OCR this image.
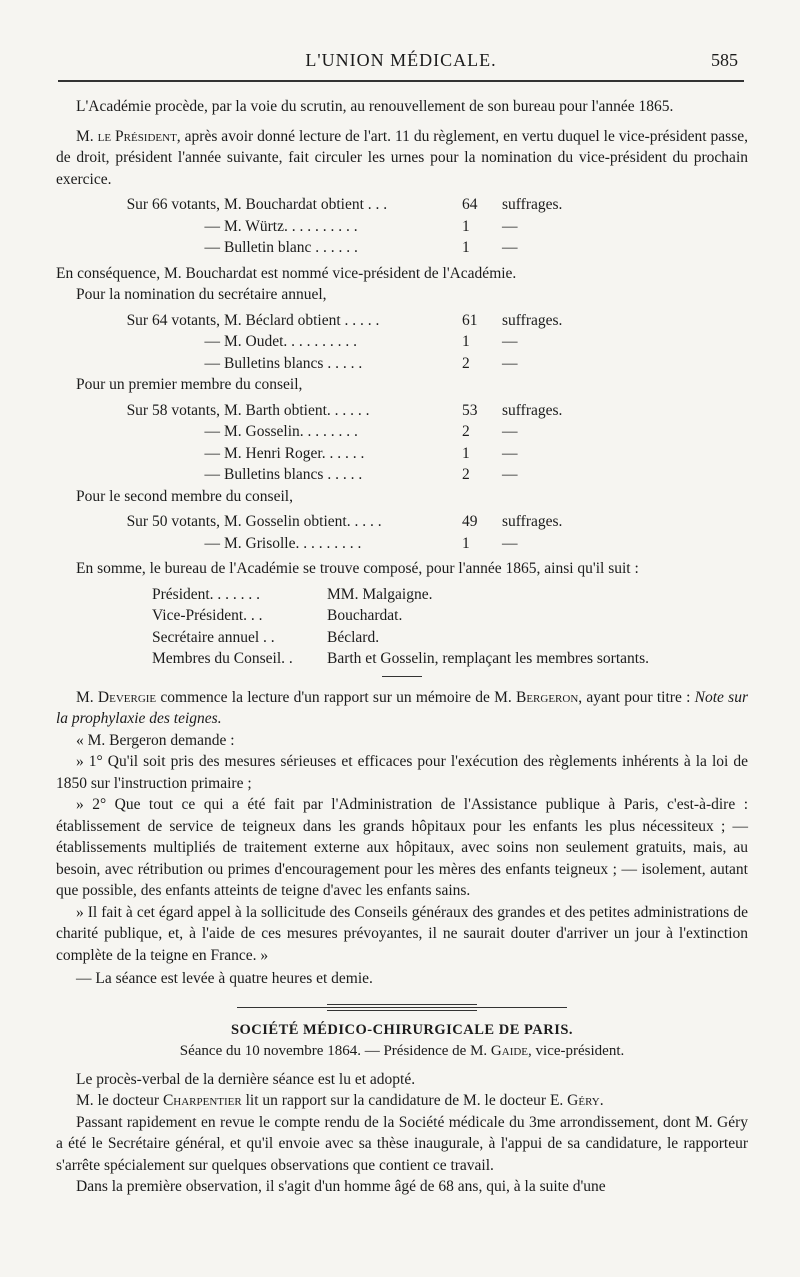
L'UNION MÉDICALE.	585

L'Académie procède, par la voie du scrutin, au renouvellement de son bureau pour l'année 1865.

M. le Président, après avoir donné lecture de l'art. 11 du règlement, en vertu duquel le vice-président passe, de droit, président l'année suivante, fait circuler les urnes pour la nomination du vice-président du prochain exercice.

Sur 66 votants, M. Bouchardat obtient . . .	64	suffrages.
— M. Würtz. . . . . . . . . .	1	—
— Bulletin blanc . . . . . .	1	—

En conséquence, M. Bouchardat est nommé vice-président de l'Académie.

Pour la nomination du secrétaire annuel,

Sur 64 votants, M. Béclard obtient . . . . .	61	suffrages.
— M. Oudet. . . . . . . . . .	1	—
— Bulletins blancs . . . . .	2	—

Pour un premier membre du conseil,

Sur 58 votants, M. Barth obtient. . . . . .	53	suffrages.
— M. Gosselin. . . . . . . .	2	—
— M. Henri Roger. . . . . .	1	—
— Bulletins blancs . . . . .	2	—

Pour le second membre du conseil,

Sur 50 votants, M. Gosselin obtient. . . . .	49	suffrages.
— M. Grisolle. . . . . . . . .	1	—

En somme, le bureau de l'Académie se trouve composé, pour l'année 1865, ainsi qu'il suit :

Président. . . . . . .	MM. Malgaigne.
Vice-Président. . .	Bouchardat.
Secrétaire annuel . .	Béclard.
Membres du Conseil. .	Barth et Gosselin, remplaçant les membres sortants.

M. Devergie commence la lecture d'un rapport sur un mémoire de M. Bergeron, ayant pour titre : Note sur la prophylaxie des teignes.

« M. Bergeron demande :

» 1° Qu'il soit pris des mesures sérieuses et efficaces pour l'exécution des règlements inhérents à la loi de 1850 sur l'instruction primaire ;

» 2° Que tout ce qui a été fait par l'Administration de l'Assistance publique à Paris, c'est-à-dire : établissement de service de teigneux dans les grands hôpitaux pour les enfants les plus nécessiteux ; — établissements multipliés de traitement externe aux hôpitaux, avec soins non seulement gratuits, mais, au besoin, avec rétribution ou primes d'encouragement pour les mères des enfants teigneux ; — isolement, autant que possible, des enfants atteints de teigne d'avec les enfants sains.

» Il fait à cet égard appel à la sollicitude des Conseils généraux des grandes et des petites administrations de charité publique, et, à l'aide de ces mesures prévoyantes, il ne saurait douter d'arriver un jour à l'extinction complète de la teigne en France. »

— La séance est levée à quatre heures et demie.

SOCIÉTÉ MÉDICO-CHIRURGICALE DE PARIS.

Séance du 10 novembre 1864. — Présidence de M. Gaide, vice-président.

Le procès-verbal de la dernière séance est lu et adopté.

M. le docteur Charpentier lit un rapport sur la candidature de M. le docteur E. Géry.

Passant rapidement en revue le compte rendu de la Société médicale du 3me arrondissement, dont M. Géry a été le Secrétaire général, et qu'il envoie avec sa thèse inaugurale, à l'appui de sa candidature, le rapporteur s'arrête spécialement sur quelques observations que contient ce travail.

Dans la première observation, il s'agit d'un homme âgé de 68 ans, qui, à la suite d'une
